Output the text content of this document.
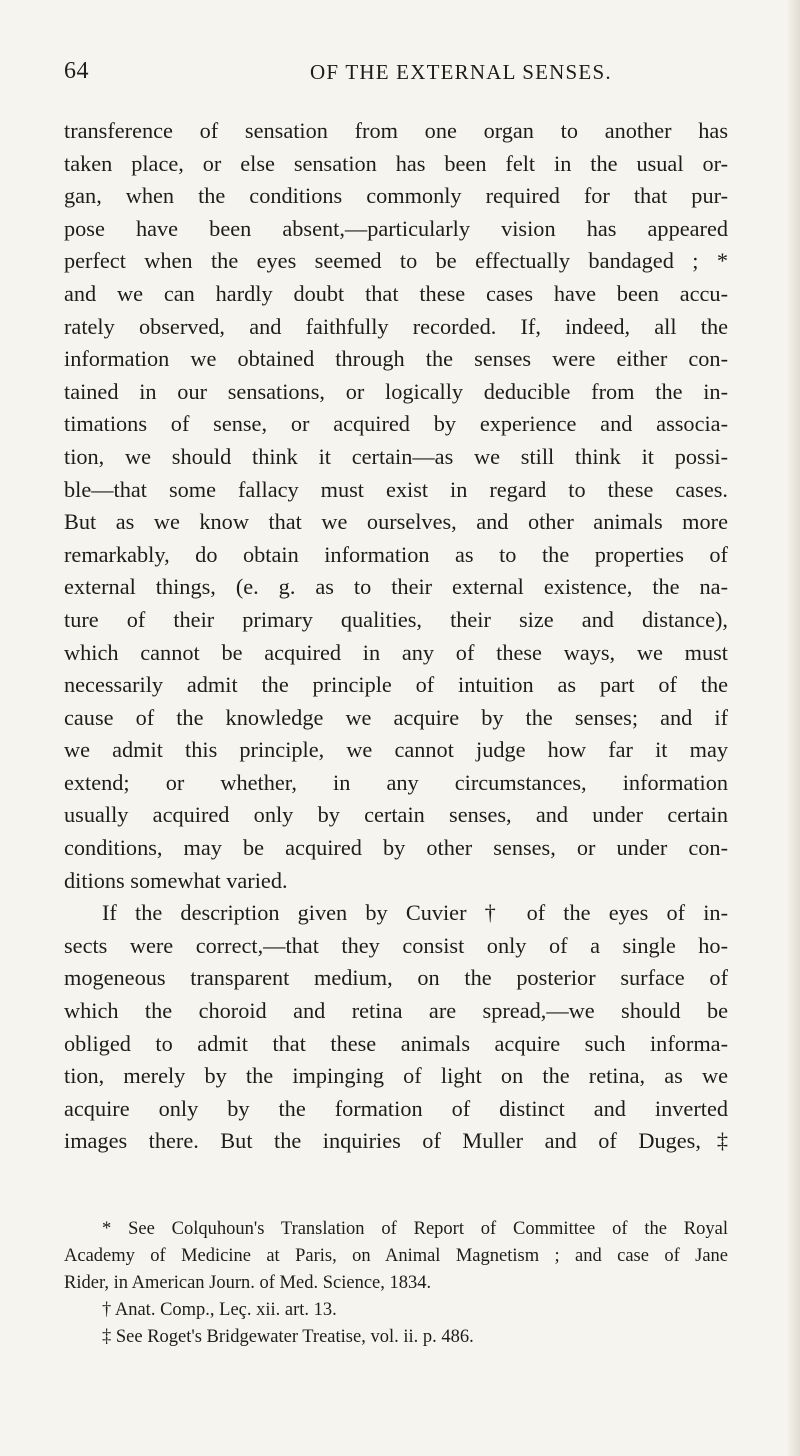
64	OF THE EXTERNAL SENSES.
transference of sensation from one organ to another has
taken place, or else sensation has been felt in the usual or-
gan, when the conditions commonly required for that pur-
pose have been absent,—particularly vision has appeared
perfect when the eyes seemed to be effectually bandaged ; *
and we can hardly doubt that these cases have been accu-
rately observed, and faithfully recorded. If, indeed, all the
information we obtained through the senses were either con-
tained in our sensations, or logically deducible from the in-
timations of sense, or acquired by experience and associa-
tion, we should think it certain—as we still think it possi-
ble—that some fallacy must exist in regard to these cases.
But as we know that we ourselves, and other animals more
remarkably, do obtain information as to the properties of
external things, (e. g. as to their external existence, the na-
ture of their primary qualities, their size and distance),
which cannot be acquired in any of these ways, we must
necessarily admit the principle of intuition as part of the
cause of the knowledge we acquire by the senses; and if
we admit this principle, we cannot judge how far it may
extend; or whether, in any circumstances, information
usually acquired only by certain senses, and under certain
conditions, may be acquired by other senses, or under con-
ditions somewhat varied.
If the description given by Cuvier † of the eyes of in-
sects were correct,—that they consist only of a single ho-
mogeneous transparent medium, on the posterior surface of
which the choroid and retina are spread,—we should be
obliged to admit that these animals acquire such informa-
tion, merely by the impinging of light on the retina, as we
acquire only by the formation of distinct and inverted
images there. But the inquiries of Muller and of Duges,‡
* See Colquhoun's Translation of Report of Committee of the Royal
Academy of Medicine at Paris, on Animal Magnetism ; and case of Jane
Rider, in American Journ. of Med. Science, 1834.
† Anat. Comp., Leç. xii. art. 13.
‡ See Roget's Bridgewater Treatise, vol. ii. p. 486.
